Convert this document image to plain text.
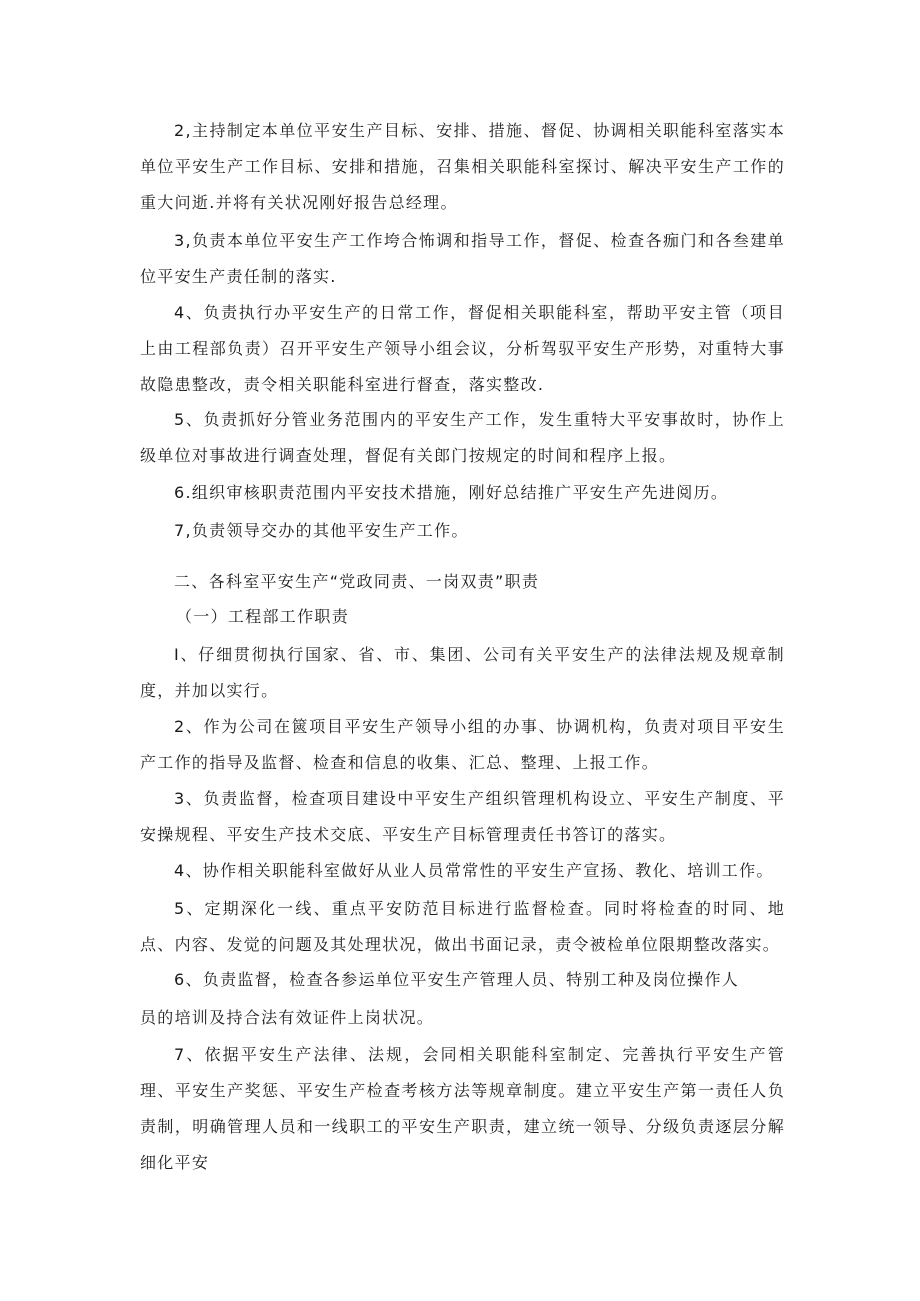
2,主持制定本单位平安生产目标、安排、措施、督促、协调相关职能科室落实本单位平安生产工作目标、安排和措施，召集相关职能科室探讨、解决平安生产工作的重大问逝.并将有关状况刚好报告总经理。
3,负责本单位平安生产工作垮合怖调和指导工作，督促、检查各痂门和各叁建单位平安生产责任制的落实.
4、负责执行办平安生产的日常工作，督促相关职能科室，帮助平安主管（项目上由工程部负责）召开平安生产领导小组会议，分析驾驭平安生产形势，对重特大事故隐患整改，责令相关职能科室进行督查，落实整改.
5、负责抓好分管业务范围内的平安生产工作，发生重特大平安事故时，协作上级单位对事故进行调查处理，督促有关郎门按规定的时间和程序上报。
6.组织审核职责范围内平安技术措施，刚好总结推广平安生产先进阅历。
7,负责领导交办的其他平安生产工作。
二、各科室平安生产“党政同责、一岗双责”职责
（一）工程部工作职责
I、仔细贯彻执行国家、省、市、集团、公司有关平安生产的法律法规及规章制度，并加以实行。
2、作为公司在篋项目平安生产领导小组的办事、协调机构，负责对项目平安生产工作的指导及监督、检查和信息的收集、汇总、整理、上报工作。
3、负责监督，检查项目建设中平安生产组织管理机构设立、平安生产制度、平安操规程、平安生产技术交底、平安生产目标管理责任书答订的落实。
4、协作相关职能科室做好从业人员常常性的平安生产宣扬、教化、培训工作。
5、定期深化一线、重点平安防范目标进行监督检查。同时将检查的时同、地点、内容、发觉的问题及其处理状况，做出书面记录，责令被检单位限期整改落实。
6、负责监督，检查各参运单位平安生产管理人员、特别工种及岗位操作人
员的培训及持合法有效证件上岗状况。
7、依据平安生产法律、法规，会同相关职能科室制定、完善执行平安生产管理、平安生产奖惩、平安生产检查考核方法等规章制度。建立平安生产第一责任人负责制，明确管理人员和一线职工的平安生产职责，建立统一领导、分级负责逐层分解细化平安
